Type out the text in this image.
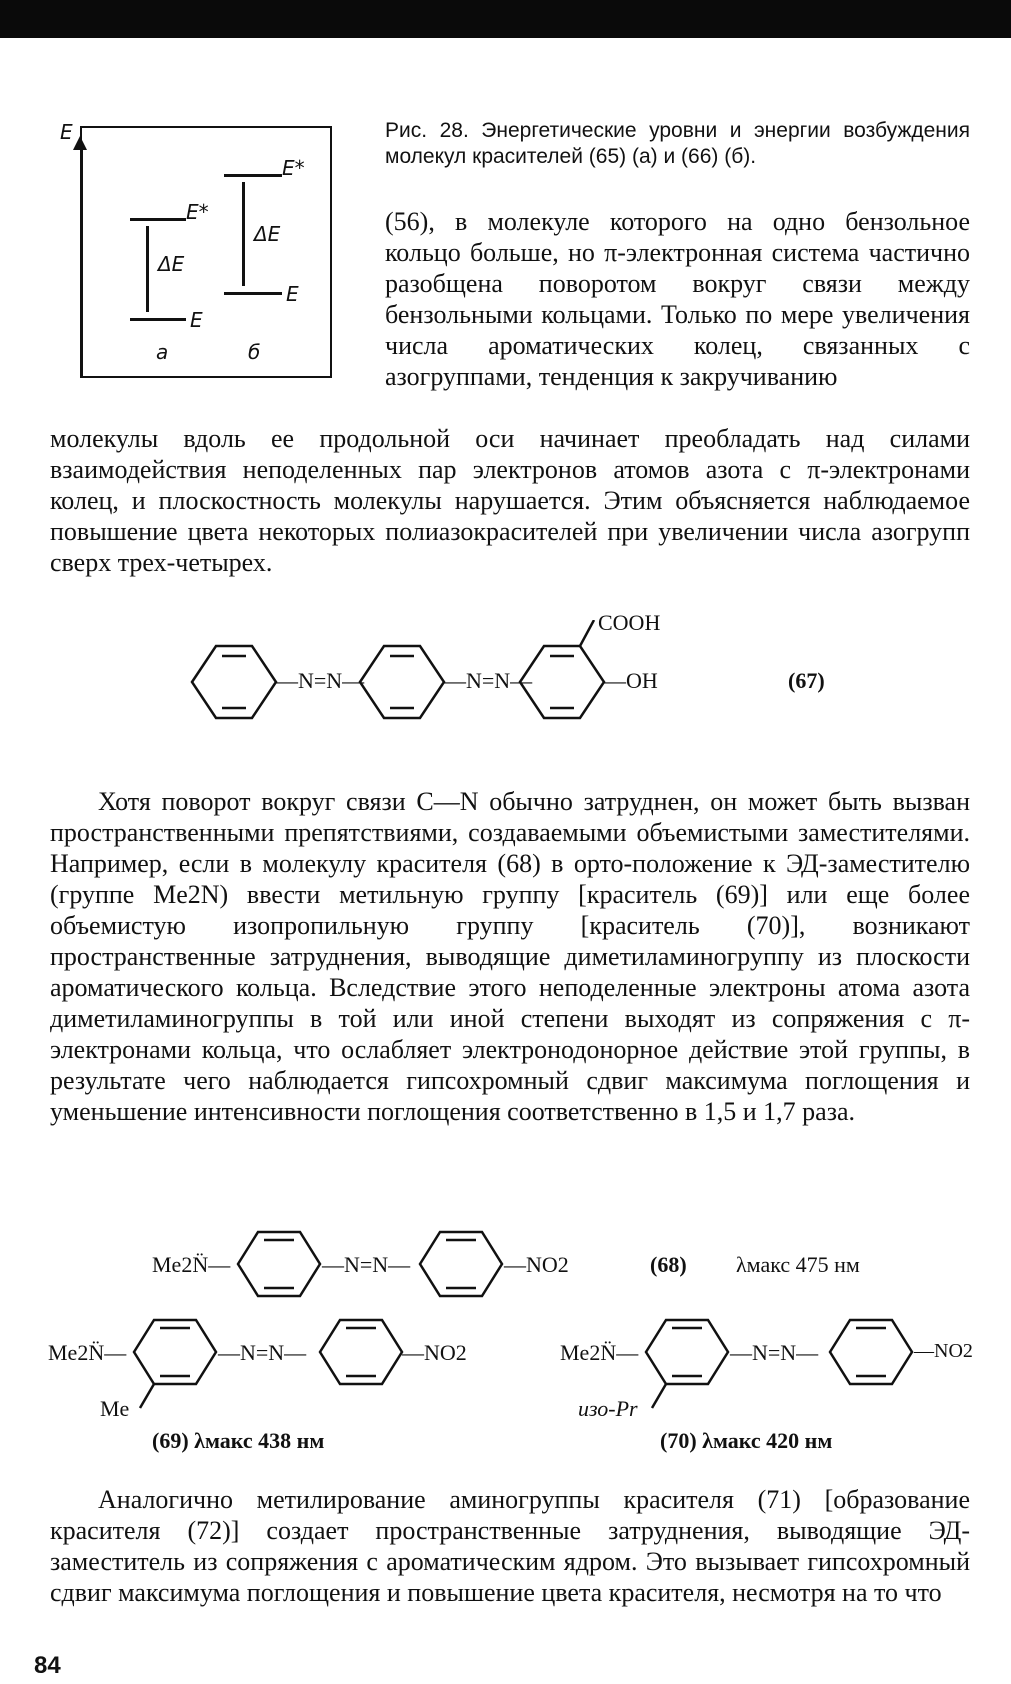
E
E*
ΔE
E
a
E*
ΔE
E
б
Рис. 28. Энергетические уровни и энергии возбуждения молекул красителей (65) (а) и (66) (б).

(56), в молекуле которого на одно бензольное кольцо больше, но π-электронная система частично разобщена поворотом вокруг связи между бензольными кольцами. Только по мере увеличения числа ароматических колец, связанных с азогруппами, тенденция к закручиванию

молекулы вдоль ее продольной оси начинает преобладать над силами взаимодействия неподеленных пар электронов атомов азота с π-электронами колец, и плоскостность молекулы нарушается. Этим объясняется наблюдаемое повышение цвета некоторых полиазокрасителей при увеличении числа азогрупп сверх трех-четырех.

COOH
—N=N—	—N=N—	—OH	(67)

Хотя поворот вокруг связи C—N обычно затруднен, он может быть вызван пространственными препятствиями, создаваемыми объемистыми заместителями. Например, если в молекулу красителя (68) в орто-положение к ЭД-заместителю (группе Me2N) ввести метильную группу [краситель (69)] или еще более объемистую изопропильную группу [краситель (70)], возникают пространственные затруднения, выводящие диметиламиногруппу из плоскости ароматического кольца. Вследствие этого неподеленные электроны атома азота диметиламиногруппы в той или иной степени выходят из сопряжения с π-электронами кольца, что ослабляет электронодонорное действие этой группы, в результате чего наблюдается гипсохромный сдвиг максимума поглощения и уменьшение интенсивности поглощения соответственно в 1,5 и 1,7 раза.

Me2N̈—	—N=N—	—NO2	(68) λмакс 475 нм
Me2N̈—	—N=N—	—NO2
Me
(69) λмакс 438 нм
Me2N̈—	—N=N—	—NO2
изо-Pr
(70) λмакс 420 нм

Аналогично метилирование аминогруппы красителя (71) [образование красителя (72)] создает пространственные затруднения, выводящие ЭД-заместитель из сопряжения с ароматическим ядром. Это вызывает гипсохромный сдвиг максимума поглощения и повышение цвета красителя, несмотря на то что

84
